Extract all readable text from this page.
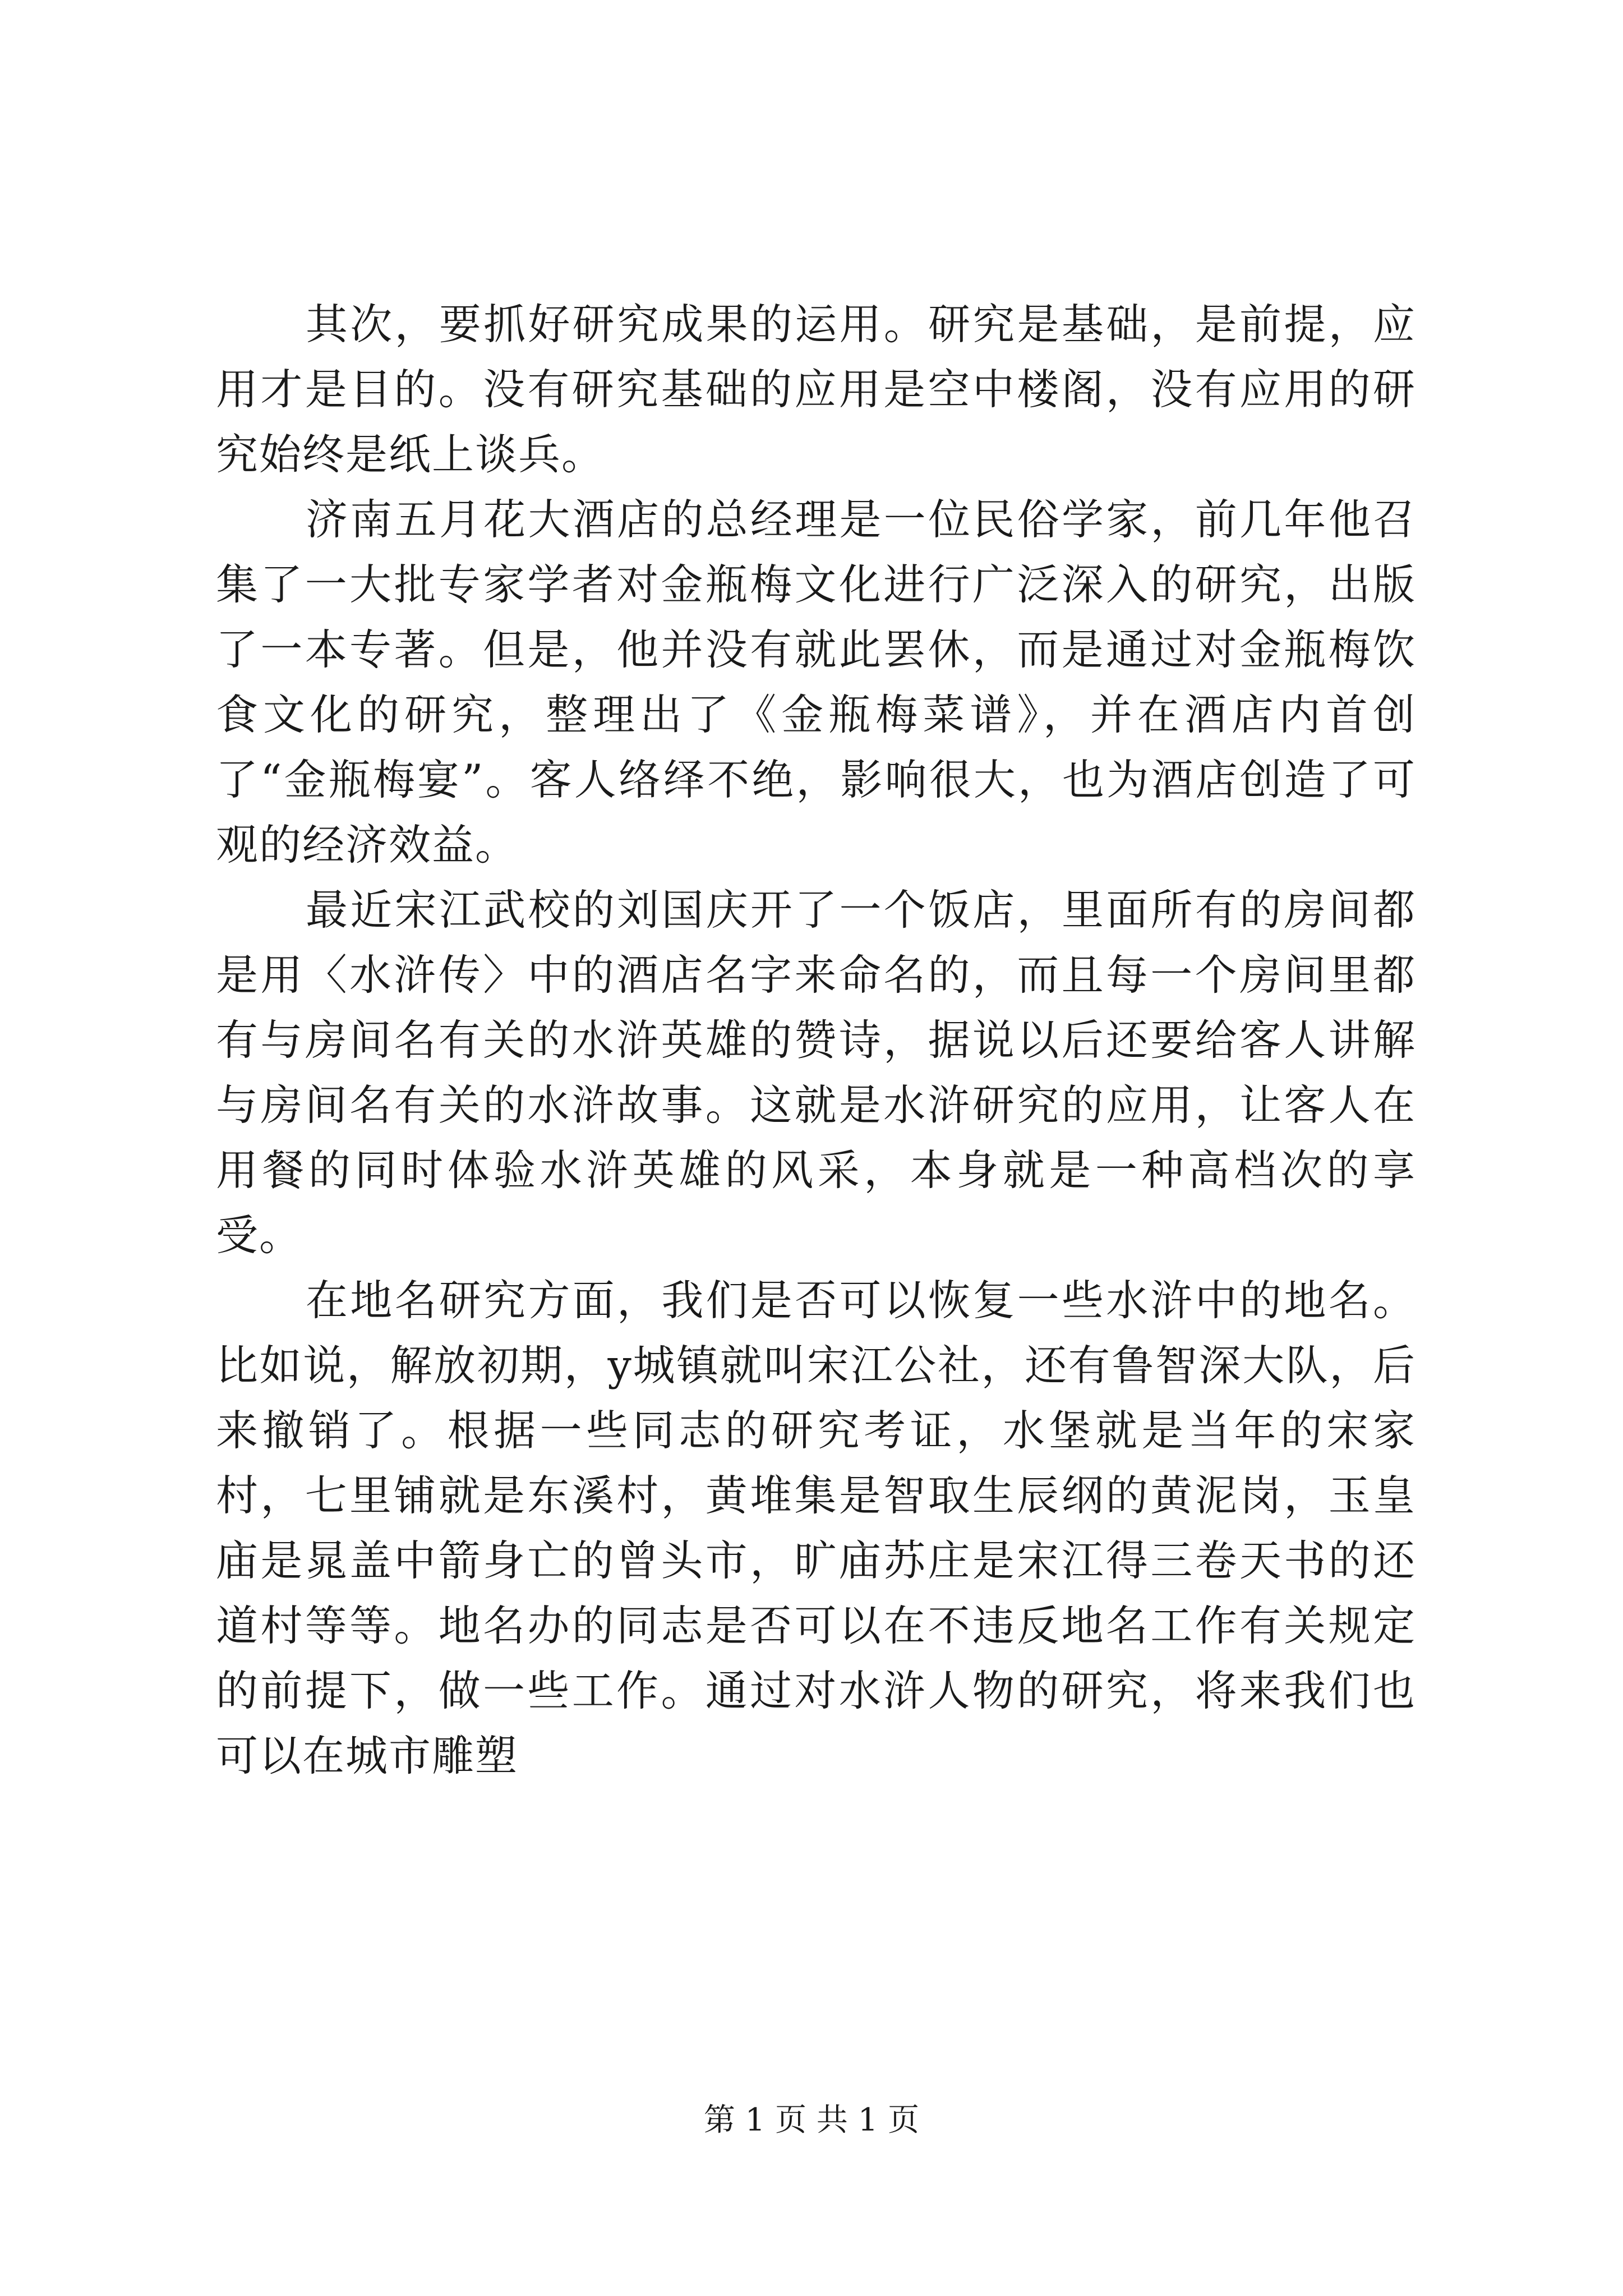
其次，要抓好研究成果的运用。研究是基础，是前提，应用才是目的。没有研究基础的应用是空中楼阁，没有应用的研究始终是纸上谈兵。

济南五月花大酒店的总经理是一位民俗学家，前几年他召集了一大批专家学者对金瓶梅文化进行广泛深入的研究，出版了一本专著。但是，他并没有就此罢休，而是通过对金瓶梅饮食文化的研究，整理出了《金瓶梅菜谱》，并在酒店内首创了“金瓶梅宴”。客人络绎不绝，影响很大，也为酒店创造了可观的经济效益。

最近宋江武校的刘国庆开了一个饭店，里面所有的房间都是用〈水浒传〉中的酒店名字来命名的，而且每一个房间里都有与房间名有关的水浒英雄的赞诗，据说以后还要给客人讲解与房间名有关的水浒故事。这就是水浒研究的应用，让客人在用餐的同时体验水浒英雄的风采，本身就是一种高档次的享受。

在地名研究方面，我们是否可以恢复一些水浒中的地名。比如说，解放初期，y城镇就叫宋江公社，还有鲁智深大队，后来撤销了。根据一些同志的研究考证，水堡就是当年的宋家村，七里铺就是东溪村，黄堆集是智取生辰纲的黄泥岗，玉皇庙是晁盖中箭身亡的曾头市，旷庙苏庄是宋江得三卷天书的还道村等等。地名办的同志是否可以在不违反地名工作有关规定的前提下，做一些工作。通过对水浒人物的研究，将来我们也可以在城市雕塑

第 1 页 共 1 页
